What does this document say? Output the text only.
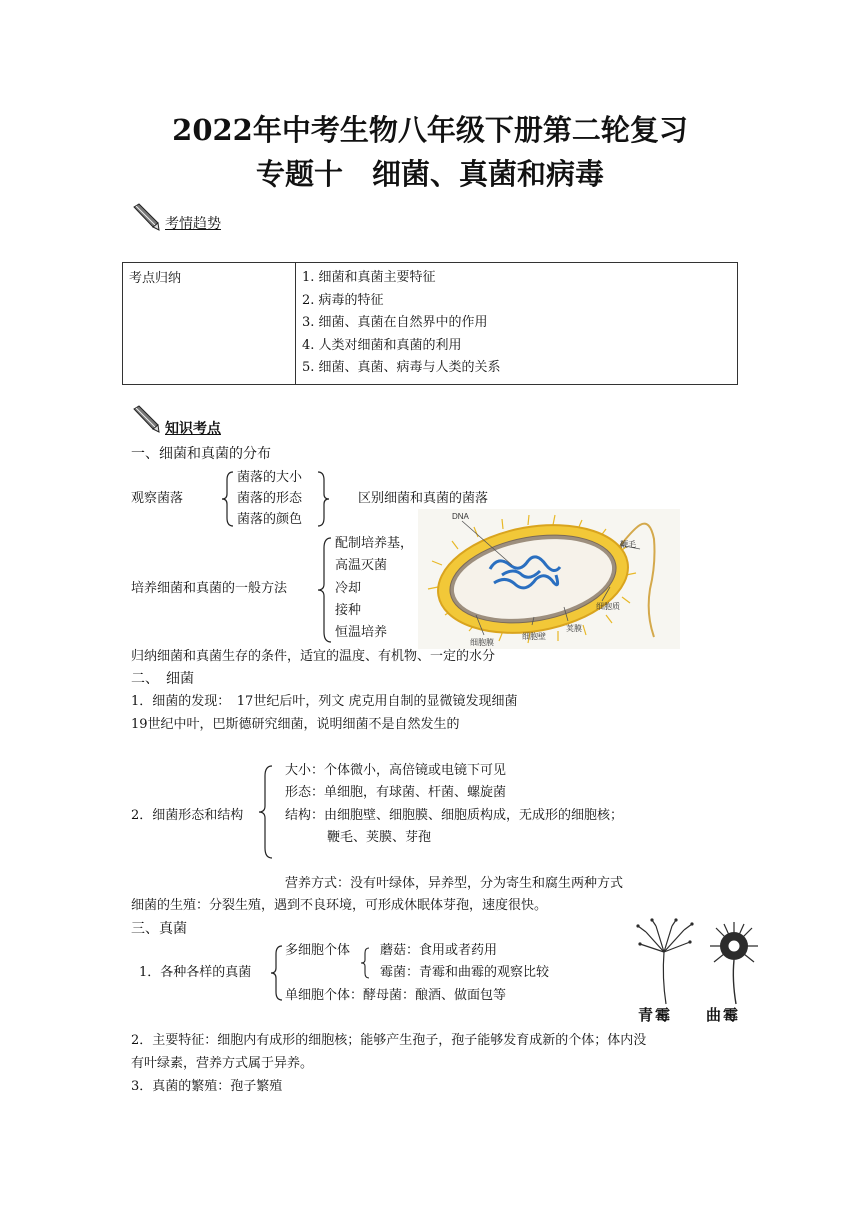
2022年中考生物八年级下册第二轮复习
专题十　细菌、真菌和病毒
考情趋势
考点归纳	1. 细菌和真菌主要特征
2. 病毒的特征
3. 细菌、真菌在自然界中的作用
4. 人类对细菌和真菌的利用
5. 细菌、真菌、病毒与人类的关系
知识考点
一、细菌和真菌的分布
观察菌落
菌落的大小
菌落的形态
菌落的颜色
区别细菌和真菌的菌落
培养细菌和真菌的一般方法
配制培养基，
高温灭菌
冷却
接种
恒温培养
DNA
鞭毛
细胞质
荚膜
细胞壁
细胞膜
归纳细菌和真菌生存的条件，适宜的温度、有机物、一定的水分
二、　细菌
1．细菌的发现：　17世纪后叶，列文 虎克用自制的显微镜发现细菌
19世纪中叶，巴斯德研究细菌，说明细菌不是自然发生的
2．细菌形态和结构
大小：个体微小，高倍镜或电镜下可见
形态：单细胞，有球菌、杆菌、螺旋菌
结构：由细胞壁、细胞膜、细胞质构成，无成形的细胞核；
鞭毛、荚膜、芽孢
营养方式：没有叶绿体，异养型，分为寄生和腐生两种方式
细菌的生殖：分裂生殖，遇到不良环境，可形成休眠体芽孢，速度很快。
三、真菌
1．各种各样的真菌
多细胞个体 蘑菇：食用或者药用
霉菌：青霉和曲霉的观察比较
单细胞个体：酵母菌：酿酒、做面包等
青霉 曲霉
2．主要特征：细胞内有成形的细胞核；能够产生孢子，孢子能够发育成新的个体；体内没
有叶绿素，营养方式属于异养。
3．真菌的繁殖：孢子繁殖
